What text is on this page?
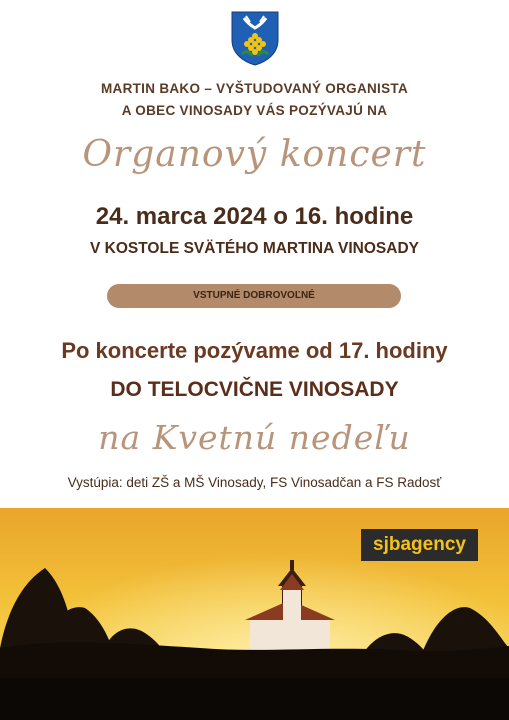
MARTIN BAKO – VYŠTUDOVANÝ ORGANISTA
A OBEC VINOSADY VÁS POZÝVAJÚ NA
Organový koncert
24. marca 2024 o 16. hodine
V KOSTOLE SVÄTÉHO MARTINA VINOSADY
VSTUPNÉ DOBROVOĽNÉ
Po koncerte pozývame od 17. hodiny
DO TELOCVIČNE VINOSADY
na Kvetnú nedeľu
Vystúpia: deti ZŠ a MŠ Vinosady, FS Vinosadčan a FS Radosť
sjbagency
